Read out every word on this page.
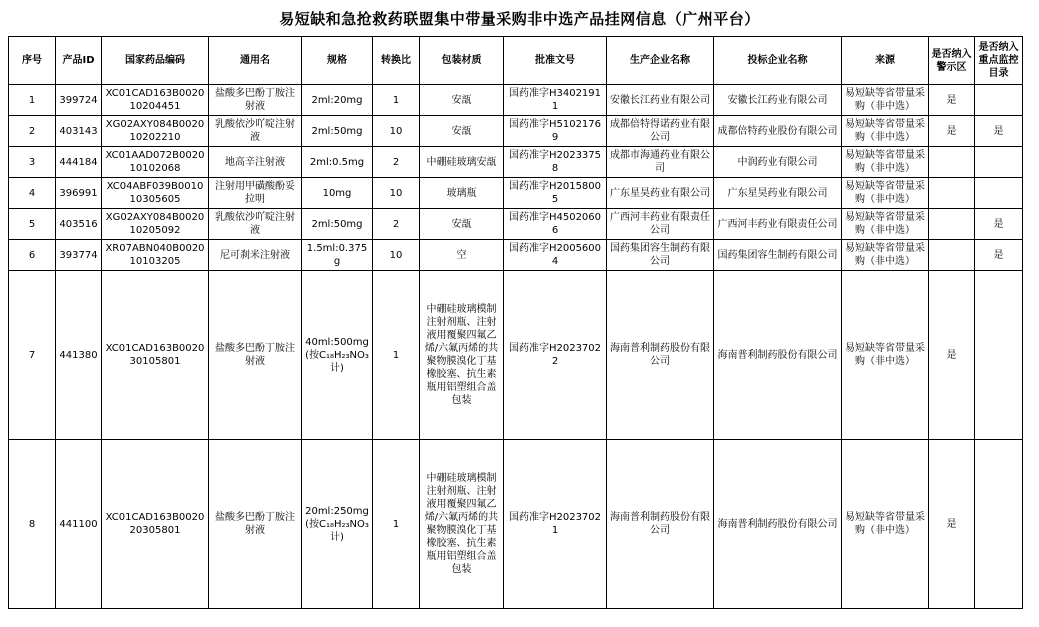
易短缺和急抢救药联盟集中带量采购非中选产品挂网信息（广州平台）
序号	产品ID	国家药品编码	通用名	规格	转换比	包装材质	批准文号	生产企业名称	投标企业名称	来源	是否纳入警示区	是否纳入重点监控目录
1	399724	XC01CAD163B002010204451	盐酸多巴酚丁胺注射液	2ml:20mg	1	安瓿	国药准字H34021911	安徽长江药业有限公司	安徽长江药业有限公司	易短缺等省带量采购（非中选）	是	
2	403143	XG02AXY084B002010202210	乳酸依沙吖啶注射液	2ml:50mg	10	安瓿	国药准字H51021769	成都倍特得诺药业有限公司	成都倍特药业股份有限公司	易短缺等省带量采购（非中选）	是	是
3	444184	XC01AAD072B002010102068	地高辛注射液	2ml:0.5mg	2	中硼硅玻璃安瓿	国药准字H20233758	成都市海通药业有限公司	中润药业有限公司	易短缺等省带量采购（非中选）		
4	396991	XC04ABF039B001010305605	注射用甲磺酸酚妥拉明	10mg	10	玻璃瓶	国药准字H20158005	广东星昊药业有限公司	广东星昊药业有限公司	易短缺等省带量采购（非中选）		
5	403516	XG02AXY084B002010205092	乳酸依沙吖啶注射液	2ml:50mg	2	安瓿	国药准字H45020606	广西河丰药业有限责任公司	广西河丰药业有限责任公司	易短缺等省带量采购（非中选）		是
6	393774	XR07ABN040B002010103205	尼可刹米注射液	1.5ml:0.375g	10	空	国药准字H20056004	国药集团容生制药有限公司	国药集团容生制药有限公司	易短缺等省带量采购（非中选）		是
7	441380	XC01CAD163B002030105801	盐酸多巴酚丁胺注射液	40ml:500mg(按C₁₈H₂₃NO₃计)	1	中硼硅玻璃模制注射剂瓶、注射液用覆聚四氟乙烯/六氟丙烯的共聚物膜溴化丁基橡胶塞、抗生素瓶用铝塑组合盖包装	国药准字H20237022	海南普利制药股份有限公司	海南普利制药股份有限公司	易短缺等省带量采购（非中选）	是	
8	441100	XC01CAD163B002020305801	盐酸多巴酚丁胺注射液	20ml:250mg(按C₁₈H₂₃NO₃计)	1	中硼硅玻璃模制注射剂瓶、注射液用覆聚四氟乙烯/六氟丙烯的共聚物膜溴化丁基橡胶塞、抗生素瓶用铝塑组合盖包装	国药准字H20237021	海南普利制药股份有限公司	海南普利制药股份有限公司	易短缺等省带量采购（非中选）	是	
